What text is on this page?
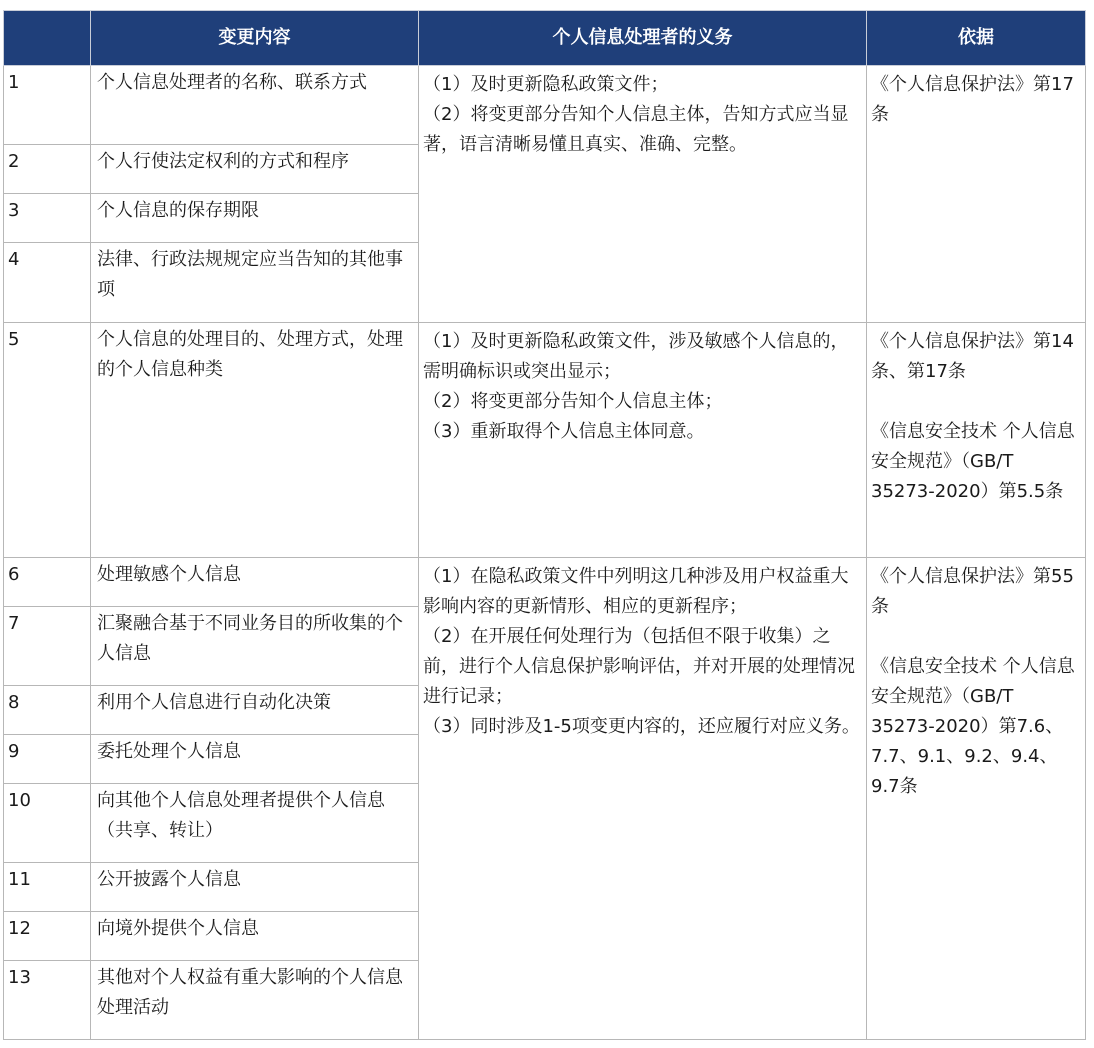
	变更内容	个人信息处理者的义务	依据
1	个人信息处理者的名称、联系方式	（1）及时更新隐私政策文件；
（2）将变更部分告知个人信息主体，告知方式应当显著，语言清晰易懂且真实、准确、完整。	《个人信息保护法》第17条

2	个人行使法定权利的方式和程序		
3	个人信息的保存期限		
4	法律、行政法规规定应当告知的其他事项		
5	个人信息的处理目的、处理方式，处理的个人信息种类	（1）及时更新隐私政策文件，涉及敏感个人信息的，需明确标识或突出显示；
（2）将变更部分告知个人信息主体；
（3）重新取得个人信息主体同意。	《个人信息保护法》第14条、第17条
《信息安全技术 个人信息安全规范》（GB/T 35273-2020）第5.5条

6	处理敏感个人信息	（1）在隐私政策文件中列明这几种涉及用户权益重大影响内容的更新情形、相应的更新程序；
（2）在开展任何处理行为（包括但不限于收集）之前，进行个人信息保护影响评估，并对开展的处理情况进行记录；
（3）同时涉及1-5项变更内容的，还应履行对应义务。	《个人信息保护法》第55条
《信息安全技术 个人信息安全规范》（GB/T 35273-2020）第7.6、7.7、9.1、9.2、9.4、9.7条

7	汇聚融合基于不同业务目的所收集的个人信息		
8	利用个人信息进行自动化决策		
9	委托处理个人信息		
10	向其他个人信息处理者提供个人信息（共享、转让）		
11	公开披露个人信息		
12	向境外提供个人信息		
13	其他对个人权益有重大影响的个人信息处理活动		
